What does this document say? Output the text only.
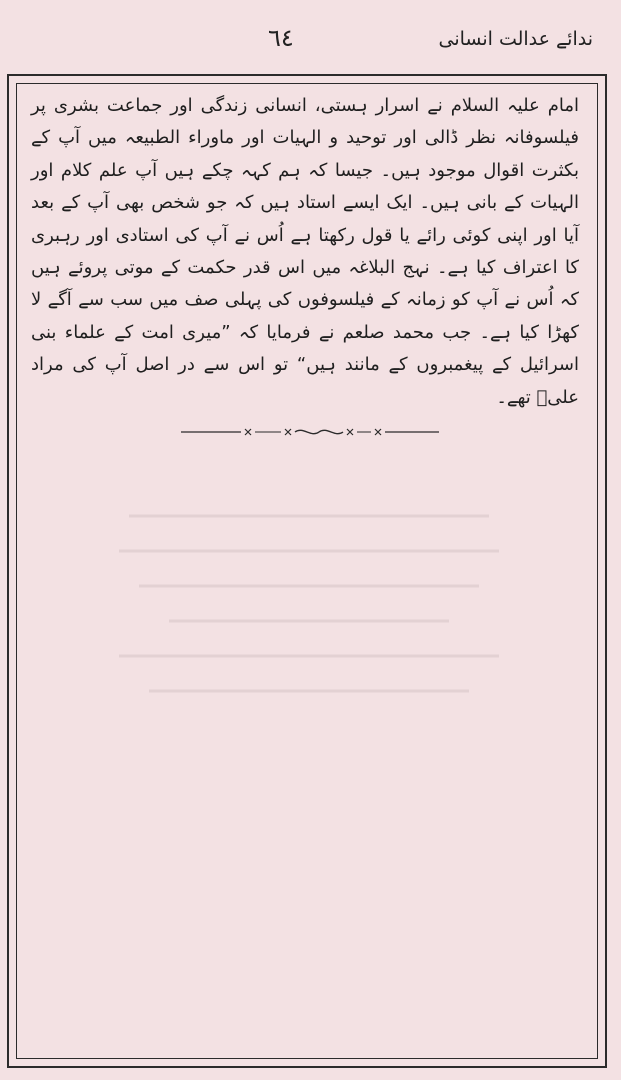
٦٤	ندائے عدالت انسانی

امام علیہ السلام نے اسرار ہستی، انسانی زندگی اور جماعت بشری پر فیلسوفانہ نظر ڈالی اور توحید و الہیات اور ماوراء الطبیعہ میں آپ کے بکثرت اقوال موجود ہیں۔ جیسا کہ ہم کہہ چکے ہیں آپ علم کلام اور الہیات کے بانی ہیں۔ ایک ایسے استاد ہیں کہ جو شخص بھی آپ کے بعد آیا اور اپنی کوئی رائے یا قول رکھتا ہے اُس نے آپ کی استادی اور رہبری کا اعتراف کیا ہے۔ نہج البلاغہ میں اس قدر حکمت کے موتی پروئے ہیں کہ اُس نے آپ کو زمانہ کے فیلسوفوں کی پہلی صف میں سب سے آگے لا کھڑا کیا ہے۔ جب محمد صلعم نے فرمایا کہ ”میری امت کے علماء بنی اسرائیل کے پیغمبروں کے مانند ہیں“ تو اس سے در اصل آپ کی مراد علیؑ تھے۔
